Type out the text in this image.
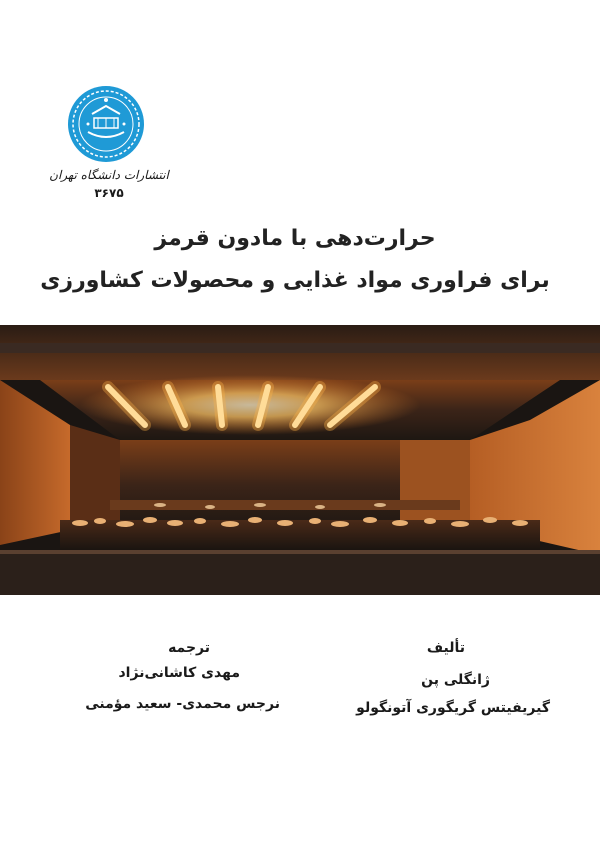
انتشارات دانشگاه تهران
۳۶۷۵
حرارت‌دهی با مادون قرمز
برای فراوری مواد غذایی و محصولات کشاورزی
تألیف
ژانگلی پن
گیریفیتس گریگوری آتونگولو
ترجمه
مهدی کاشانی‌نژاد
نرجس محمدی- سعید مؤمنی
